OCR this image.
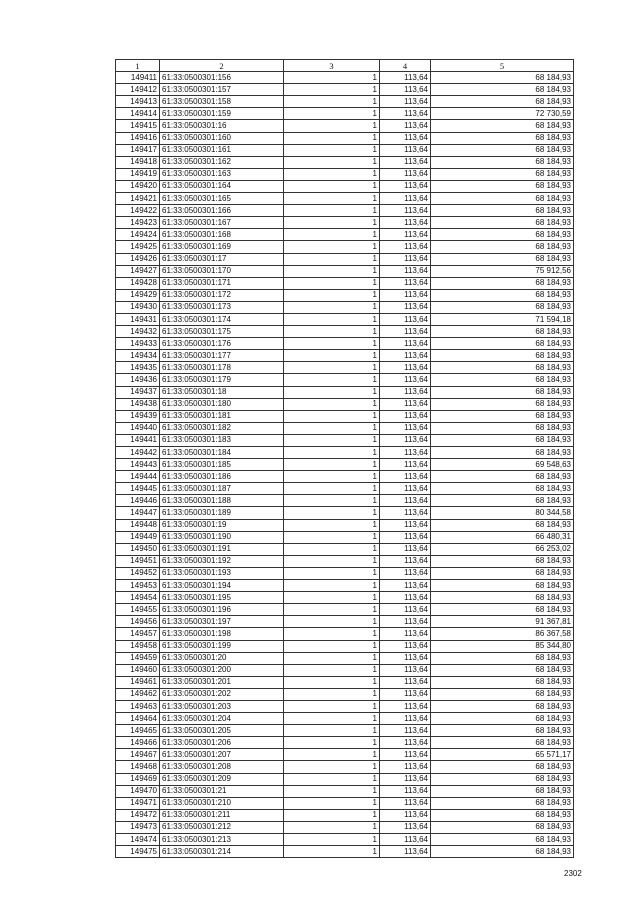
1	2	3	4	5
149411	61:33:0500301:156	1	113,64	68 184,93
149412	61:33:0500301:157	1	113,64	68 184,93
149413	61:33:0500301:158	1	113,64	68 184,93
149414	61:33:0500301:159	1	113,64	72 730,59
149415	61:33:0500301:16	1	113,64	68 184,93
149416	61:33:0500301:160	1	113,64	68 184,93
149417	61:33:0500301:161	1	113,64	68 184,93
149418	61:33:0500301:162	1	113,64	68 184,93
149419	61:33:0500301:163	1	113,64	68 184,93
149420	61:33:0500301:164	1	113,64	68 184,93
149421	61:33:0500301:165	1	113,64	68 184,93
149422	61:33:0500301:166	1	113,64	68 184,93
149423	61:33:0500301:167	1	113,64	68 184,93
149424	61:33:0500301:168	1	113,64	68 184,93
149425	61:33:0500301:169	1	113,64	68 184,93
149426	61:33:0500301:17	1	113,64	68 184,93
149427	61:33:0500301:170	1	113,64	75 912,56
149428	61:33:0500301:171	1	113,64	68 184,93
149429	61:33:0500301:172	1	113,64	68 184,93
149430	61:33:0500301:173	1	113,64	68 184,93
149431	61:33:0500301:174	1	113,64	71 594,18
149432	61:33:0500301:175	1	113,64	68 184,93
149433	61:33:0500301:176	1	113,64	68 184,93
149434	61:33:0500301:177	1	113,64	68 184,93
149435	61:33:0500301:178	1	113,64	68 184,93
149436	61:33:0500301:179	1	113,64	68 184,93
149437	61:33:0500301:18	1	113,64	68 184,93
149438	61:33:0500301:180	1	113,64	68 184,93
149439	61:33:0500301:181	1	113,64	68 184,93
149440	61:33:0500301:182	1	113,64	68 184,93
149441	61:33:0500301:183	1	113,64	68 184,93
149442	61:33:0500301:184	1	113,64	68 184,93
149443	61:33:0500301:185	1	113,64	69 548,63
149444	61:33:0500301:186	1	113,64	68 184,93
149445	61:33:0500301:187	1	113,64	68 184,93
149446	61:33:0500301:188	1	113,64	68 184,93
149447	61:33:0500301:189	1	113,64	80 344,58
149448	61:33:0500301:19	1	113,64	68 184,93
149449	61:33:0500301:190	1	113,64	66 480,31
149450	61:33:0500301:191	1	113,64	66 253,02
149451	61:33:0500301:192	1	113,64	68 184,93
149452	61:33:0500301:193	1	113,64	68 184,93
149453	61:33:0500301:194	1	113,64	68 184,93
149454	61:33:0500301:195	1	113,64	68 184,93
149455	61:33:0500301:196	1	113,64	68 184,93
149456	61:33:0500301:197	1	113,64	91 367,81
149457	61:33:0500301:198	1	113,64	86 367,58
149458	61:33:0500301:199	1	113,64	85 344,80
149459	61:33:0500301:20	1	113,64	68 184,93
149460	61:33:0500301:200	1	113,64	68 184,93
149461	61:33:0500301:201	1	113,64	68 184,93
149462	61:33:0500301:202	1	113,64	68 184,93
149463	61:33:0500301:203	1	113,64	68 184,93
149464	61:33:0500301:204	1	113,64	68 184,93
149465	61:33:0500301:205	1	113,64	68 184,93
149466	61:33:0500301:206	1	113,64	68 184,93
149467	61:33:0500301:207	1	113,64	65 571,17
149468	61:33:0500301:208	1	113,64	68 184,93
149469	61:33:0500301:209	1	113,64	68 184,93
149470	61:33:0500301:21	1	113,64	68 184,93
149471	61:33:0500301:210	1	113,64	68 184,93
149472	61:33:0500301:211	1	113,64	68 184,93
149473	61:33:0500301:212	1	113,64	68 184,93
149474	61:33:0500301:213	1	113,64	68 184,93
149475	61:33:0500301:214	1	113,64	68 184,93
2302
